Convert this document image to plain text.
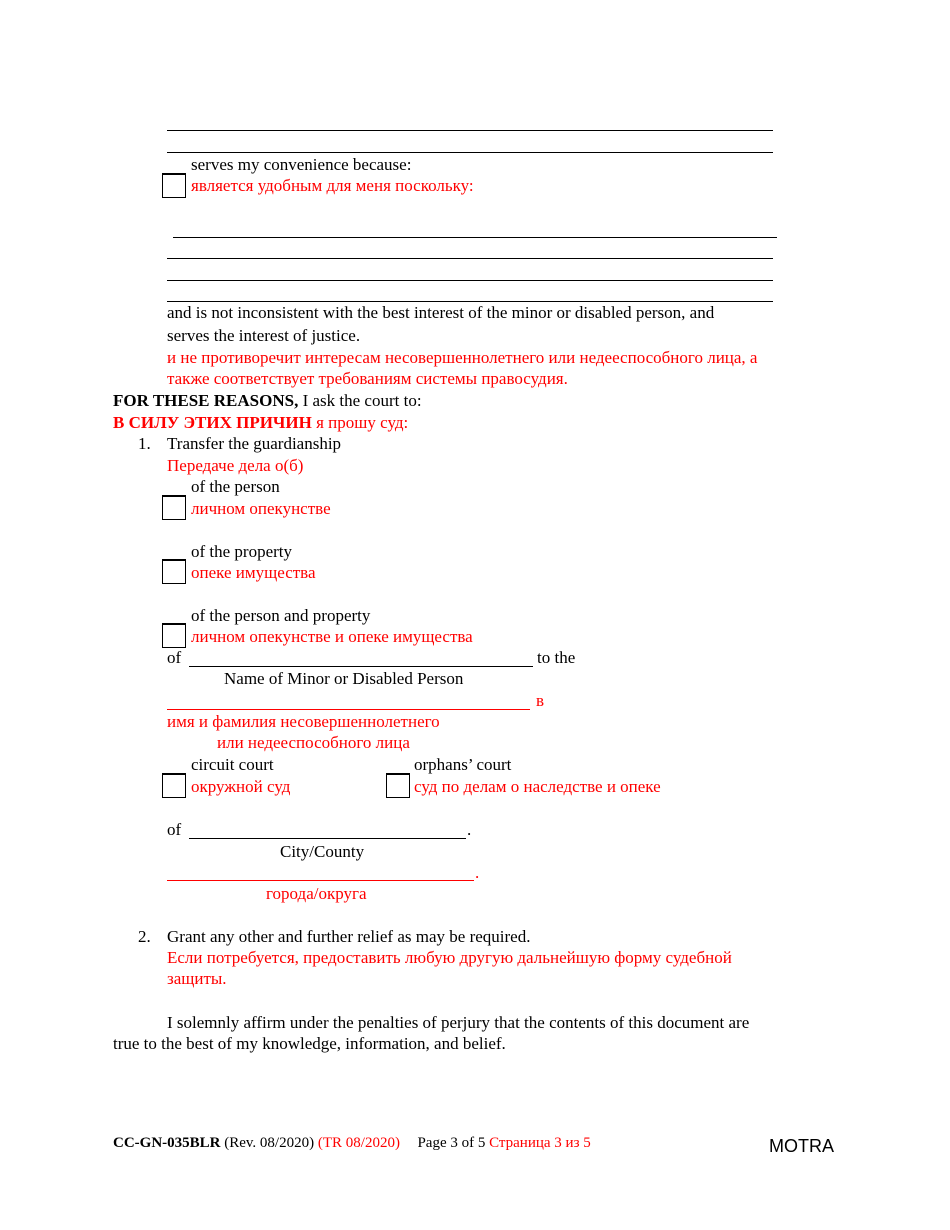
serves my convenience because:
является удобным для меня поскольку:
and is not inconsistent with the best interest of the minor or disabled person, and
serves the interest of justice.
и не противоречит интересам несовершеннолетнего или недееспособного лица, а
также соответствует требованиям системы правосудия.
FOR THESE REASONS, I ask the court to:
В СИЛУ ЭТИХ ПРИЧИН я прошу суд:
1. Transfer the guardianship
Передаче дела о(б)
of the person
личном опекунстве
of the property
опеке имущества
of the person and property
личном опекунстве и опеке имущества
of	to the
Name of Minor or Disabled Person
в
имя и фамилия несовершеннолетнего
или недееспособного лица
circuit court
окружной суд
orphans’ court
суд по делам о наследстве и опеке
of	.
City/County
.
города/округа
2. Grant any other and further relief as may be required.
Если потребуется, предоставить любую другую дальнейшую форму судебной
защиты.
I solemnly affirm under the penalties of perjury that the contents of this document are
true to the best of my knowledge, information, and belief.
CC-GN-035BLR (Rev. 08/2020) (TR 08/2020) Page 3 of 5 Страница 3 из 5	MOTRA
